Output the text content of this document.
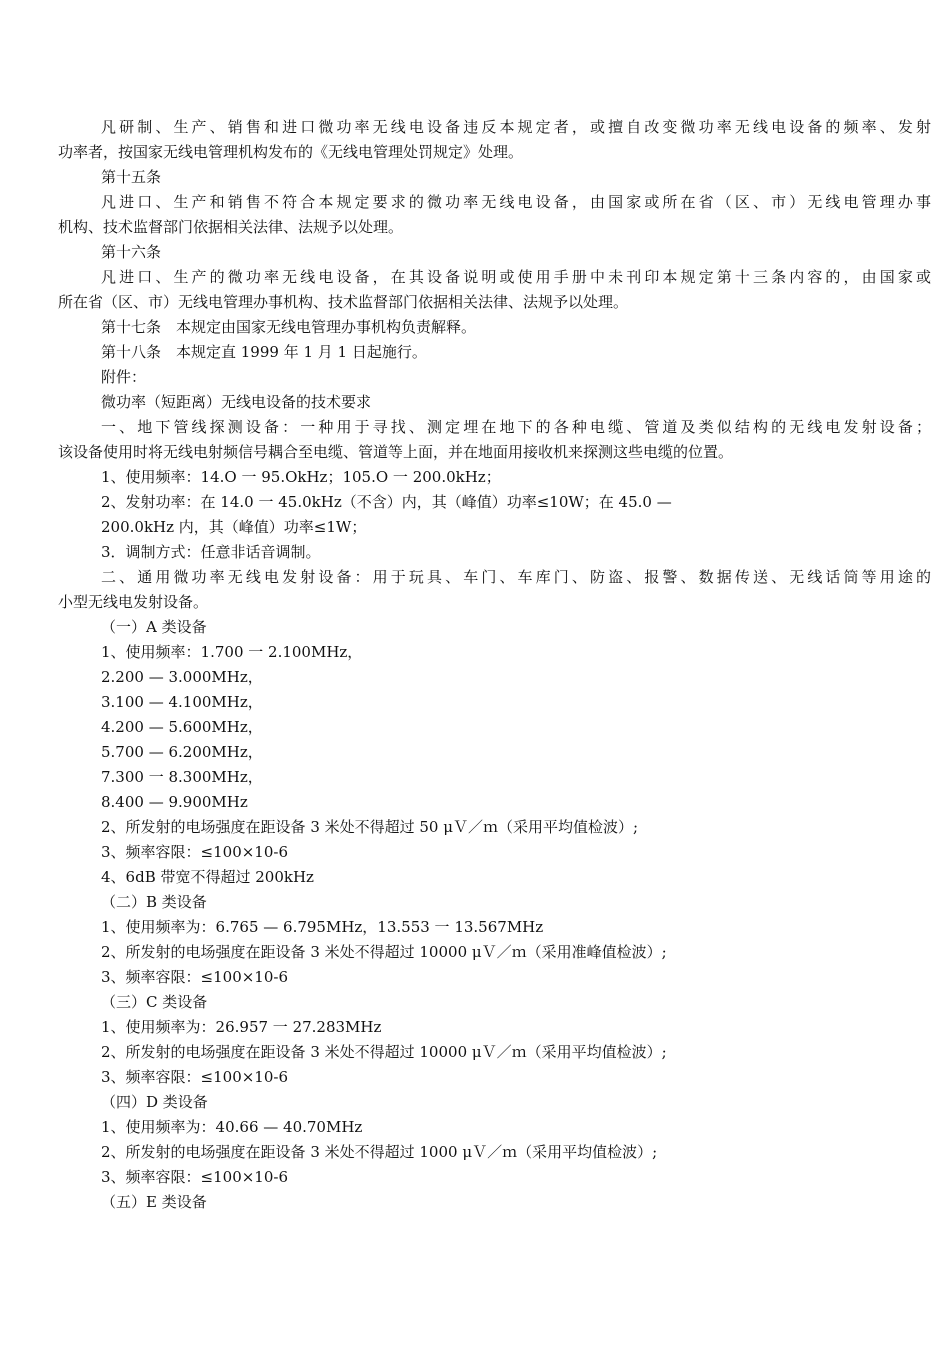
凡研制、生产、销售和进口微功率无线电设备违反本规定者，或擅自改变微功率无线电设备的频率、发射
功率者，按国家无线电管理机构发布的《无线电管理处罚规定》处理。
第十五条
凡进口、生产和销售不符合本规定要求的微功率无线电设备，由国家或所在省（区、市）无线电管理办事
机构、技术监督部门依据相关法律、法规予以处理。
第十六条
凡进口、生产的微功率无线电设备，在其设备说明或使用手册中未刊印本规定第十三条内容的，由国家或
所在省（区、市）无线电管理办事机构、技术监督部门依据相关法律、法规予以处理。
第十七条　本规定由国家无线电管理办事机构负责解释。
第十八条　本规定直 1999 年 1 月 1 日起施行。
附件：
微功率（短距离）无线电设备的技术要求
一、地下管线探测设备：一种用于寻找、测定埋在地下的各种电缆、管道及类似结构的无线电发射设备；
该设备使用时将无线电射频信号耦合至电缆、管道等上面，并在地面用接收机来探测这些电缆的位置。
1、使用频率：14.O 一 95.OkHz；105.O 一 200.0kHz；
2、发射功率：在 14.0 一 45.0kHz（不含）内，其（峰值）功率≤10W；在 45.0 —
200.0kHz 内，其（峰值）功率≤1W；
3．调制方式：任意非话音调制。
二、通用微功率无线电发射设备：用于玩具、车门、车库门、防盗、报警、数据传送、无线话筒等用途的
小型无线电发射设备。
（一）A 类设备
1、使用频率：1.700 一 2.100MHz，
2.200 — 3.000MHz，
3.100 — 4.100MHz，
4.200 — 5.600MHz，
5.700 — 6.200MHz，
7.300 一 8.300MHz，
8.400 — 9.900MHz
2、所发射的电场强度在距设备 3 米处不得超过 50 μＶ／ｍ（采用平均值检波）;
3、频率容限：≤100×10-6
4、6dB 带宽不得超过 200kHz
（二）B 类设备
1、使用频率为：6.765 — 6.795MHz，13.553 一 13.567MHz
2、所发射的电场强度在距设备 3 米处不得超过 10000 μＶ／ｍ（采用准峰值检波）;
3、频率容限：≤100×10-6
（三）C 类设备
1、使用频率为：26.957 一 27.283MHz
2、所发射的电场强度在距设备 3 米处不得超过 10000 μＶ／ｍ（采用平均值检波）;
3、频率容限：≤100×10-6
（四）D 类设备
1、使用频率为：40.66 — 40.70MHz
2、所发射的电场强度在距设备 3 米处不得超过 1000 μＶ／ｍ（采用平均值检波）;
3、频率容限：≤100×10-6
（五）E 类设备
